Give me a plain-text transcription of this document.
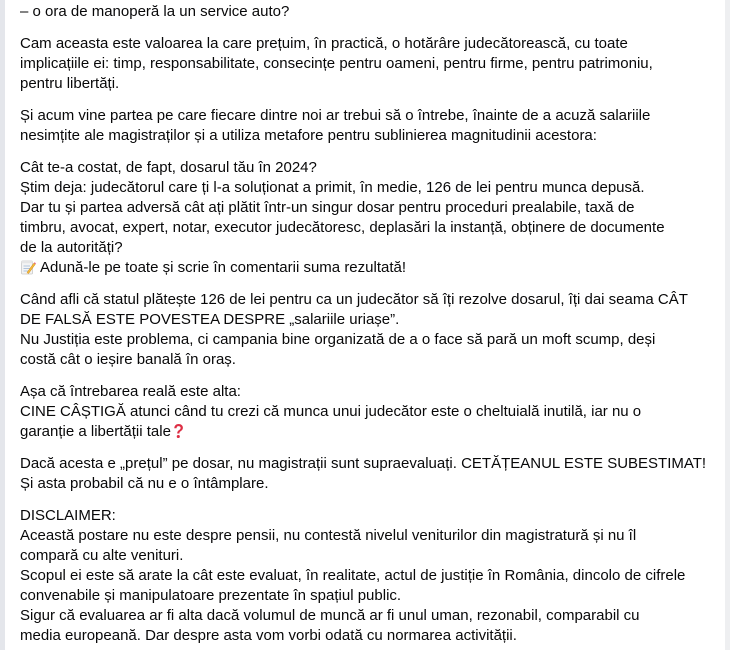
– o ora de manoperă la un service auto?

Cam aceasta este valoarea la care prețuim, în practică, o hotărâre judecătorească, cu toate
implicațiile ei: timp, responsabilitate, consecințe pentru oameni, pentru firme, pentru patrimoniu,
pentru libertăți.

Și acum vine partea pe care fiecare dintre noi ar trebui să o întrebe, înainte de a acuză salariile
nesimțite ale magistraților și a utiliza metafore pentru sublinierea magnitudinii acestora:

Cât te-a costat, de fapt, dosarul tău în 2024?
Știm deja: judecătorul care ți l-a soluționat a primit, în medie, 126 de lei pentru munca depusă.
Dar tu și partea adversă cât ați plătit într-un singur dosar pentru proceduri prealabile, taxă de
timbru, avocat, expert, notar, executor judecătoresc, deplasări la instanță, obținere de documente
de la autorități?
Adună-le pe toate și scrie în comentarii suma rezultată!

Când afli că statul plătește 126 de lei pentru ca un judecător să îți rezolve dosarul, îți dai seama CÂT
DE FALSĂ ESTE POVESTEA DESPRE „salariile uriașe”.
Nu Justiția este problema, ci campania bine organizată de a o face să pară un moft scump, deși
costă cât o ieșire banală în oraș.

Așa că întrebarea reală este alta:
CINE CÂȘTIGĂ atunci când tu crezi că munca unui judecător este o cheltuială inutilă, iar nu o
garanție a libertății tale

Dacă acesta e „prețul” pe dosar, nu magistrații sunt supraevaluați. CETĂȚEANUL ESTE SUBESTIMAT!
Și asta probabil că nu e o întâmplare.

DISCLAIMER:
Această postare nu este despre pensii, nu contestă nivelul veniturilor din magistratură și nu îl
compară cu alte venituri.
Scopul ei este să arate la cât este evaluat, în realitate, actul de justiție în România, dincolo de cifrele
convenabile și manipulatoare prezentate în spațiul public.
Sigur că evaluarea ar fi alta dacă volumul de muncă ar fi unul uman, rezonabil, comparabil cu
media europeană. Dar despre asta vom vorbi odată cu normarea activității.
